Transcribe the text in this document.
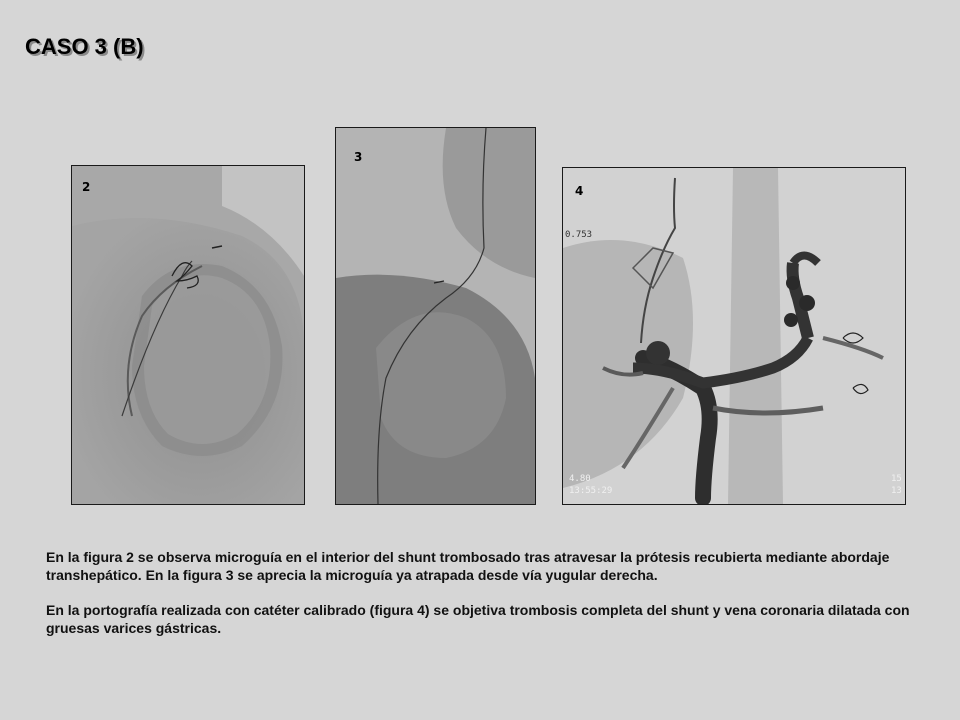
CASO 3 (B)
2
3
4
0.753
4.80
13:55:29
15
13
En la figura 2 se observa microguía en el interior del shunt trombosado tras atravesar la prótesis recubierta mediante abordaje transhepático. En la figura 3 se aprecia la microguía ya atrapada desde vía yugular derecha.
En la portografía realizada con catéter calibrado (figura 4) se objetiva trombosis completa del shunt y vena coronaria dilatada con gruesas varices gástricas.
